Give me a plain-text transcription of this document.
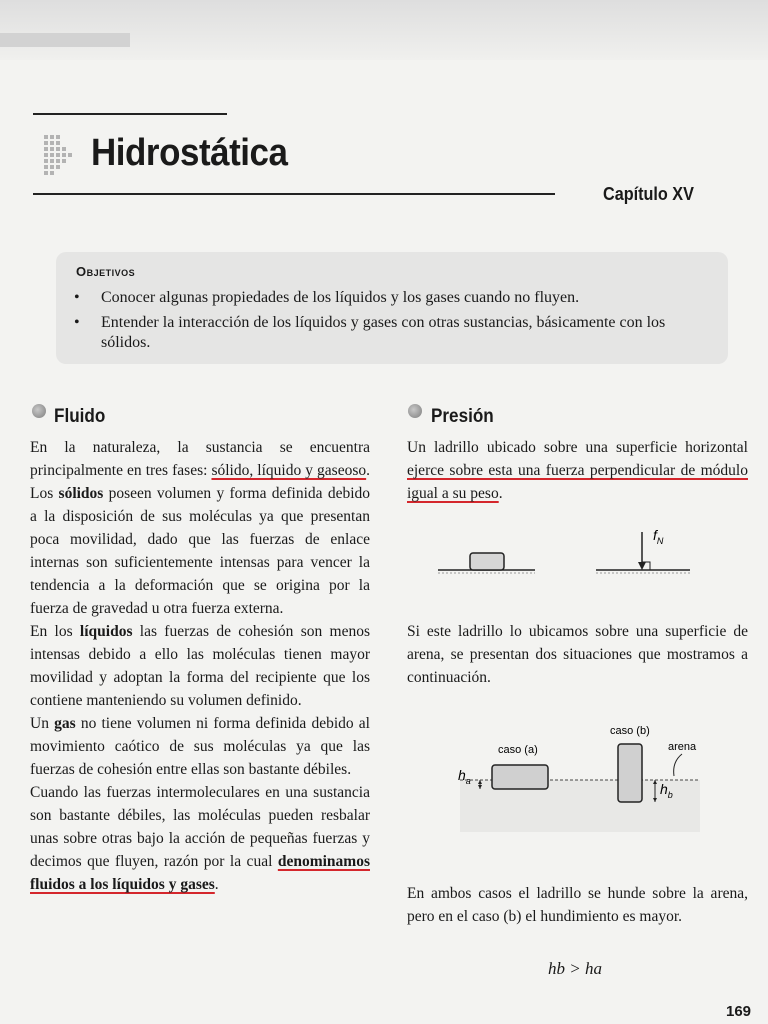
Hidrostática
Capítulo XV
Objetivos
• Conocer algunas propiedades de los líquidos y los gases cuando no fluyen.
• Entender la interacción de los líquidos y gases con otras sustancias, básicamente con los sólidos.
Fluido

En la naturaleza, la sustancia se encuentra principalmente en tres fases: sólido, líquido y gaseoso. Los sólidos poseen volumen y forma definida debido a la disposición de sus moléculas ya que presentan poca movilidad, dado que las fuerzas de enlace internas son suficientemente intensas para vencer la tendencia a la deformación que se origina por la fuerza de gravedad u otra fuerza externa.

En los líquidos las fuerzas de cohesión son menos intensas debido a ello las moléculas tienen mayor movilidad y adoptan la forma del recipiente que los contiene manteniendo su volumen definido.

Un gas no tiene volumen ni forma definida debido al movimiento caótico de sus moléculas ya que las fuerzas de cohesión entre ellas son bastante débiles.

Cuando las fuerzas intermoleculares en una sustancia son bastante débiles, las moléculas pueden resbalar unas sobre otras bajo la acción de pequeñas fuerzas y decimos que fluyen, razón por la cual denominamos fluidos a los líquidos y gases.

Presión

Un ladrillo ubicado sobre una superficie horizontal ejerce sobre esta una fuerza perpendicular de módulo igual a su peso.

$f_N$

Si este ladrillo lo ubicamos sobre una superficie de arena, se presentan dos situaciones que mostramos a continuación.

caso (a)
caso (b)
arena
$h_a$	$h_b$

En ambos casos el ladrillo se hunde sobre la arena, pero en el caso (b) el hundimiento es mayor.

hb > ha
169
